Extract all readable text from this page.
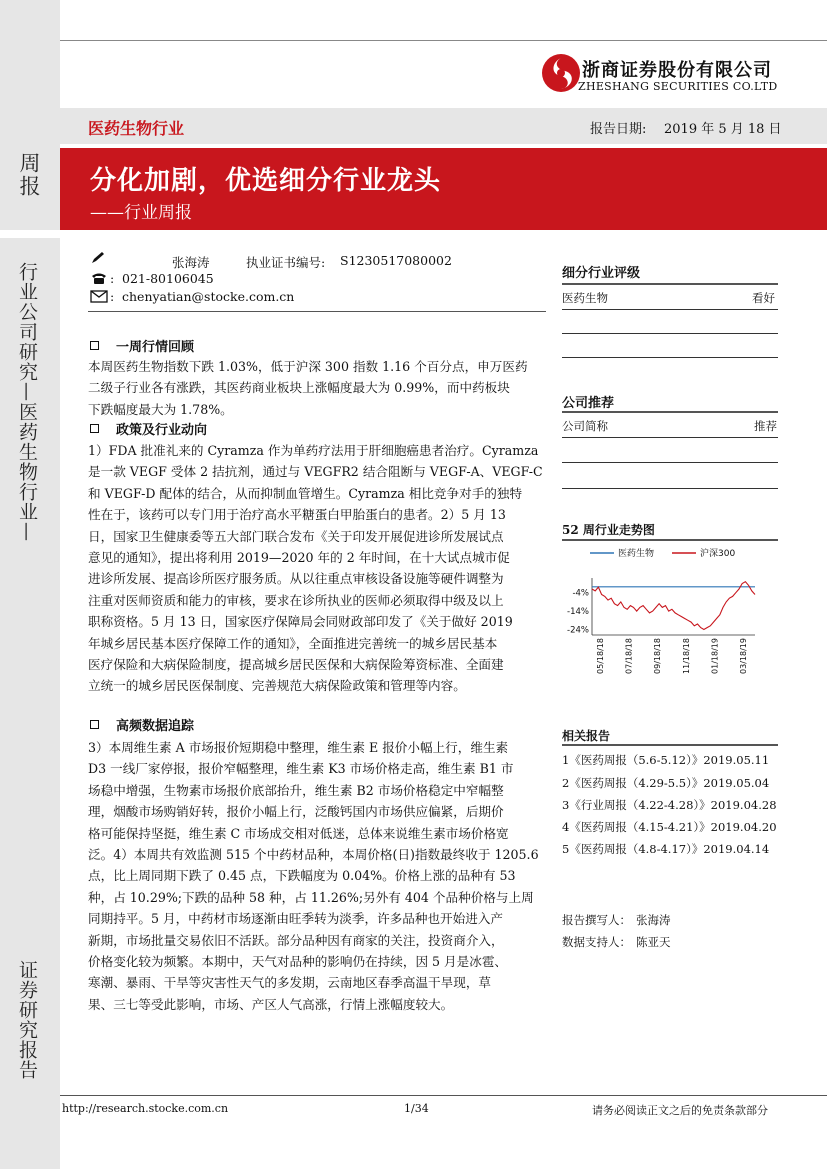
周报
行业公司研究—医药生物行业—
证券研究报告
浙商证券股份有限公司
ZHESHANG SECURITIES CO.LTD
医药生物行业	报告日期: 2019 年 5 月 18 日
分化加剧，优选细分行业龙头
——行业周报
张海涛	执业证书编号: S1230517080002
: 021-80106045
: chenyatian@stocke.com.cn
一周行情回顾
本周医药生物指数下跌 1.03%，低于沪深 300 指数 1.16 个百分点，申万医药
二级子行业各有涨跌，其医药商业板块上涨幅度最大为 0.99%，而中药板块
下跌幅度最大为 1.78%。
政策及行业动向
1）FDA 批准礼来的 Cyramza 作为单药疗法用于肝细胞癌患者治疗。Cyramza
是一款 VEGF 受体 2 拮抗剂，通过与 VEGFR2 结合阻断与 VEGF-A、VEGF-C
和 VEGF-D 配体的结合，从而抑制血管增生。Cyramza 相比竞争对手的独特
性在于，该药可以专门用于治疗高水平糖蛋白甲胎蛋白的患者。2）5 月 13
日，国家卫生健康委等五大部门联合发布《关于印发开展促进诊所发展试点
意见的通知》，提出将利用 2019—2020 年的 2 年时间，在十大试点城市促
进诊所发展、提高诊所医疗服务质。从以往重点审核设备设施等硬件调整为
注重对医师资质和能力的审核，要求在诊所执业的医师必须取得中级及以上
职称资格。5 月 13 日，国家医疗保障局会同财政部印发了《关于做好 2019
年城乡居民基本医疗保障工作的通知》，全面推进完善统一的城乡居民基本
医疗保险和大病保险制度，提高城乡居民医保和大病保险筹资标准、全面建
立统一的城乡居民医保制度、完善规范大病保险政策和管理等内容。
高频数据追踪
3）本周维生素 A 市场报价短期稳中整理，维生素 E 报价小幅上行，维生素
D3 一线厂家停报，报价窄幅整理，维生素 K3 市场价格走高，维生素 B1 市
场稳中增强，生物素市场报价底部抬升，维生素 B2 市场价格稳定中窄幅整
理，烟酸市场购销好转，报价小幅上行，泛酸钙国内市场供应偏紧，后期价
格可能保持坚挺，维生素 C 市场成交相对低迷，总体来说维生素市场价格宽
泛。4）本周共有效监测 515 个中药材品种，本周价格(日)指数最终收于 1205.6
点，比上周同期下跌了 0.45 点，下跌幅度为 0.04%。价格上涨的品种有 53
种，占 10.29%;下跌的品种 58 种，占 11.26%;另外有 404 个品种价格与上周
同期持平。5 月，中药材市场逐渐由旺季转为淡季，许多品种也开始进入产
新期，市场批量交易依旧不活跃。部分品种因有商家的关注，投资商介入，
价格变化较为频繁。本期中，天气对品种的影响仍在持续，因 5 月是冰雹、
寒潮、暴雨、干旱等灾害性天气的多发期，云南地区春季高温干旱现，草
果、三七等受此影响，市场、产区人气高涨，行情上涨幅度较大。
细分行业评级
医药生物	看好
公司推荐
公司简称	推荐
52 周行业走势图
医药生物	沪深300
-4%
-14%
-24%
05/18/18 07/18/18 09/18/18 11/18/18 01/18/19 03/18/19
相关报告
1《医药周报（5.6-5.12）》2019.05.11
2《医药周报（4.29-5.5）》2019.05.04
3《行业周报（4.22-4.28）》2019.04.28
4《医药周报（4.15-4.21）》2019.04.20
5《医药周报（4.8-4.17）》2019.04.14
报告撰写人： 张海涛
数据支持人： 陈亚天
http://research.stocke.com.cn	1/34	请务必阅读正文之后的免责条款部分
